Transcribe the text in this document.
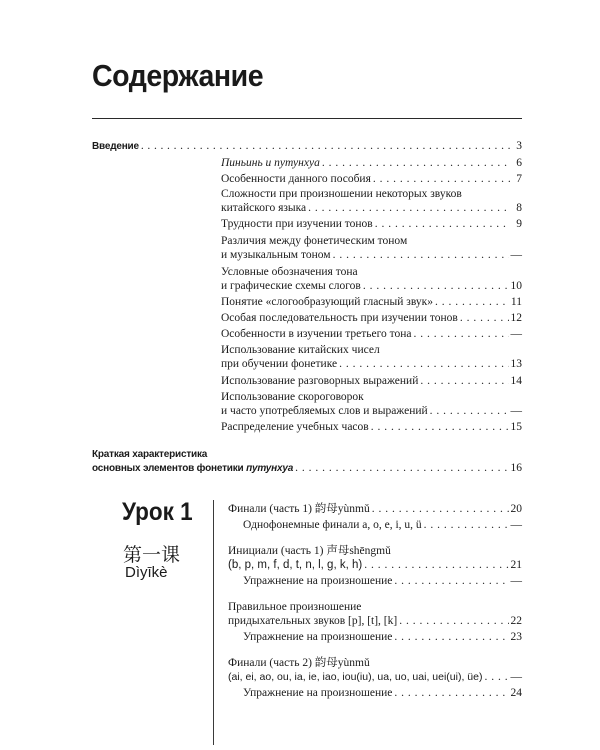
Содержание
Введение . . .	3
Пиньинь и путунхуа . . .	6
Особенности данного пособия . . .	7
Сложности при произношении некоторых звуков
китайского языка . . .	8
Трудности при изучении тонов . . .	9
Различия между фонетическим тоном
и музыкальным тоном . . .	—
Условные обозначения тона
и графические схемы слогов . . .	10
Понятие «слогообразующий гласный звук» . . .	11
Особая последовательность при изучении тонов . . .	12
Особенности в изучении третьего тона . . .	—
Использование китайских чисел
при обучении фонетике . . .	13
Использование разговорных выражений . . .	14
Использование скороговорок
и часто употребляемых слов и выражений . . .	—
Распределение учебных часов . . .	15
Краткая характеристика
основных элементов фонетики путунхуа . . .	16
Урок 1
第一课
Dìyīkè
Финали (часть 1) 韵母yùnmǔ . . .	20
Однофонемные финали a, o, e, i, u, ü . . .	—
Инициали (часть 1) 声母shēngmǔ
(b, p, m, f, d, t, n, l, g, k, h) . . .	21
Упражнение на произношение . . .	—
Правильное произношение
придыхательных звуков [p], [t], [k] . . .	22
Упражнение на произношение . . .	23
Финали (часть 2) 韵母yùnmǔ
(ai, ei, ao, ou, ia, ie, iao, iou(iu), ua, uo, uai, uei(ui), üe) . . . —
Упражнение на произношение . . .	24
